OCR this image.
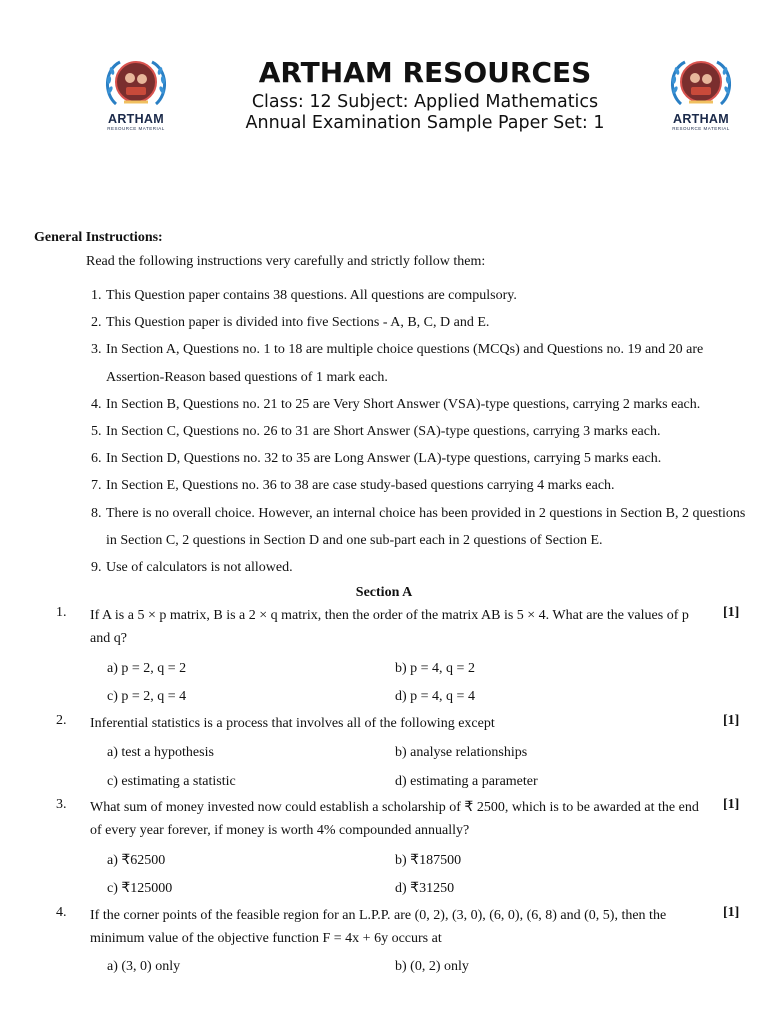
ARTHAM
RESOURCE MATERIAL
ARTHAM RESOURCES
Class: 12 Subject: Applied Mathematics
Annual Examination Sample Paper Set: 1	ARTHAM
RESOURCE MATERIAL
General Instructions:
Read the following instructions very carefully and strictly follow them:
1. This Question paper contains 38 questions. All questions are compulsory.
2. This Question paper is divided into five Sections - A, B, C, D and E.
3. In Section A, Questions no. 1 to 18 are multiple choice questions (MCQs) and Questions no. 19 and 20 are Assertion-Reason based questions of 1 mark each.
4. In Section B, Questions no. 21 to 25 are Very Short Answer (VSA)-type questions, carrying 2 marks each.
5. In Section C, Questions no. 26 to 31 are Short Answer (SA)-type questions, carrying 3 marks each.
6. In Section D, Questions no. 32 to 35 are Long Answer (LA)-type questions, carrying 5 marks each.
7. In Section E, Questions no. 36 to 38 are case study-based questions carrying 4 marks each.
8. There is no overall choice. However, an internal choice has been provided in 2 questions in Section B, 2 questions in Section C, 2 questions in Section D and one sub-part each in 2 questions of Section E.
9. Use of calculators is not allowed.
Section A
1. If A is a 5 × p matrix, B is a 2 × q matrix, then the order of the matrix AB is 5 × 4. What are the values of p and q?
[1]
a) p = 2, q = 2	b) p = 4, q = 2
c) p = 2, q = 4	d) p = 4, q = 4
2. Inferential statistics is a process that involves all of the following except	[1]
a) test a hypothesis	b) analyse relationships
c) estimating a statistic	d) estimating a parameter
3. What sum of money invested now could establish a scholarship of ₹ 2500, which is to be awarded at the end of every year forever, if money is worth 4% compounded annually?
[1]
a) ₹62500	b) ₹187500
c) ₹125000	d) ₹31250
4. If the corner points of the feasible region for an L.P.P. are (0, 2), (3, 0), (6, 0), (6, 8) and (0, 5), then the minimum value of the objective function F = 4x + 6y occurs at
[1]
a) (3, 0) only	b) (0, 2) only
